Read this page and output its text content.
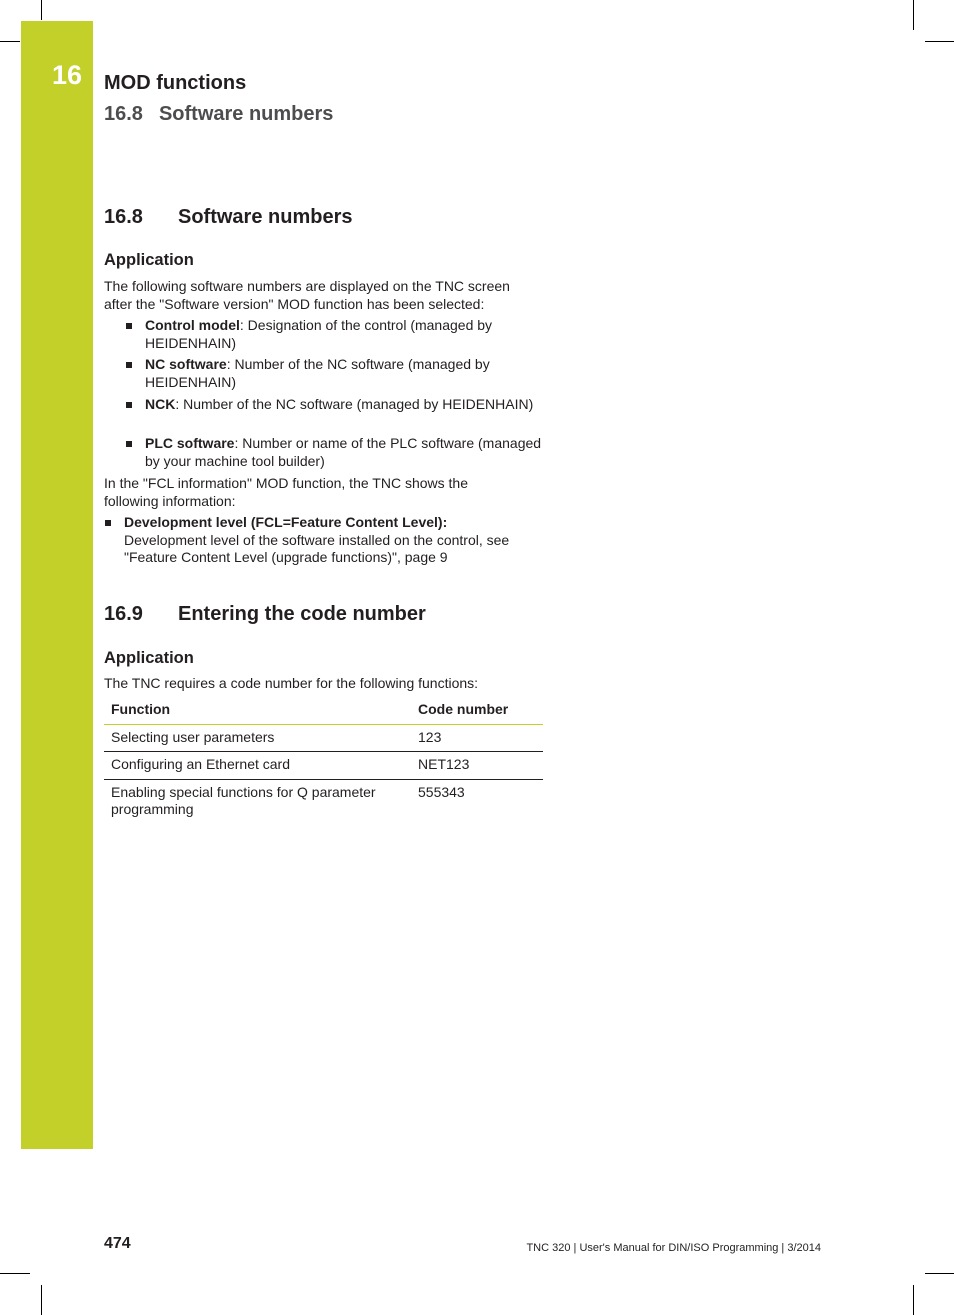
16 MOD functions
16.8 Software numbers
16.8 Software numbers
Application
The following software numbers are displayed on the TNC screen after the "Software version" MOD function has been selected:
Control model: Designation of the control (managed by HEIDENHAIN)
NC software: Number of the NC software (managed by HEIDENHAIN)
NCK: Number of the NC software (managed by HEIDENHAIN)
PLC software: Number or name of the PLC software (managed by your machine tool builder)
In the "FCL information" MOD function, the TNC shows the following information:
Development level (FCL=Feature Content Level):
Development level of the software installed on the control, see "Feature Content Level (upgrade functions)", page 9
16.9 Entering the code number
Application
The TNC requires a code number for the following functions:
Function	Code number
Selecting user parameters	123
Configuring an Ethernet card	NET123
Enabling special functions for Q parameter programming	555343
474	TNC 320 | User's Manual for DIN/ISO Programming | 3/2014
